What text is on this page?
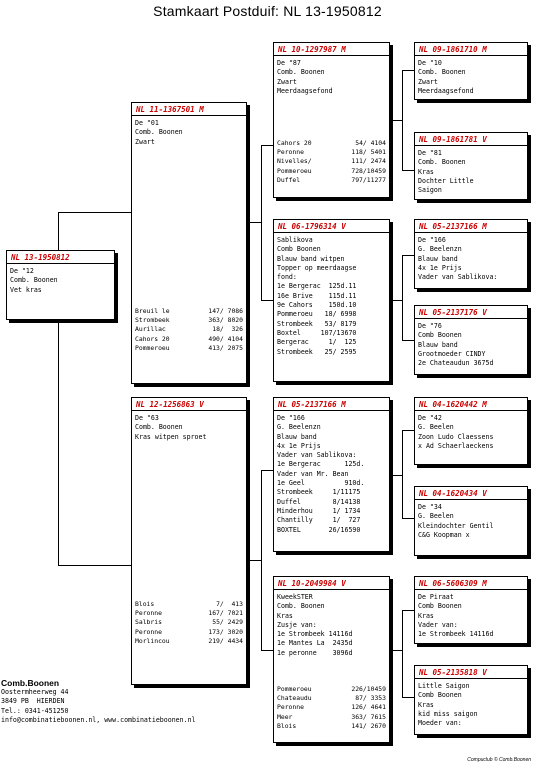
Stamkaart Postduif: NL 13-1950812
NL 13-1950812
De "12
Comb. Boonen
Vet kras
NL 11-1367501 M
De "01
Comb. Boonen
Zwart
Breuil le	147/ 7086
Strombeek	363/ 8020
Aurillac	18/  326
Cahors 20	490/ 4104
Pommeroeu	413/ 2075
NL 12-1256863 V
De "63
Comb. Boonen
Kras witpen sproet
Blois	7/  413
Peronne	167/ 7021
Salbris	55/ 2429
Peronne	173/ 3020
Morlincou	219/ 4434
NL 10-1297987 M
De "87
Comb. Boonen
Zwart
Meerdaagsefond
Cahors 20	54/ 4104
Peronne	118/ 5401
Nivelles/	111/ 2474
Pommeroeu	728/10459
Duffel	797/11277
NL 06-1796314 V
Sablikova
Comb Boonen
Blauw band witpen
Topper op meerdaagse
fond:
1e Bergerac  125d.11
16e Brive    115d.11
9e Cahors    150d.10
Pommeroeu   18/ 6998
Strombeek   53/ 8179
Boxtel     107/13670
Bergerac     1/  125
Strombeek   25/ 2595
NL 05-2137166 M
De "166
G. Beelenzn
Blauw band
4x 1e Prijs
Vader van Sablikova:
1e Bergerac      125d.
Vader van Mr. Bean
1e Geel          910d.
Strombeek     1/11175
Duffel        8/14138
Minderhou     1/ 1734
Chantilly     1/  727
BOXTEL       26/16590
NL 10-2049984 V
KweekSTER
Comb. Boonen
Kras
Zusje van:
1e Strombeek 14116d
1e Mantes La  2435d
1e peronne    3096d
Pommeroeu	226/10459
Chateaudu	87/ 3353
Peronne	126/ 4641
Meer	363/ 7615
Blois	141/ 2670
NL 09-1861710 M
De "10
Comb. Boonen
Zwart
Meerdaagsefond
NL 09-1861781 V
De "81
Comb. Boonen
Kras
Dochter Little
Saigon
NL 05-2137166 M
De "166
G. Beelenzn
Blauw band
4x 1e Prijs
Vader van Sablikova:
NL 05-2137176 V
De "76
Comb Boonen
Blauw band
Grootmoeder CINDY
2e Chateaudun 3675d
NL 04-1620442 M
De "42
G. Beelen
Zoon Ludo Claessens
x Ad Schaerlaeckens
NL 04-1620434 V
De "34
G. Beelen
Kleindochter Gentil
C&G Koopman x
NL 06-5606309 M
De Piraat
Comb Boonen
Kras
Vader van:
1e Strombeek 14116d
NL 05-2135818 V
Little Saigon
Comb Boonen
Kras
kid miss saigon
Moeder van:
Comb.Boonen
Oostermheerweg 44
3849 PB  HIERDEN
Tel.: 0341-451250
info@combinatieboonen.nl, www.combinatieboonen.nl
Compuclub © Comb.Boonen
